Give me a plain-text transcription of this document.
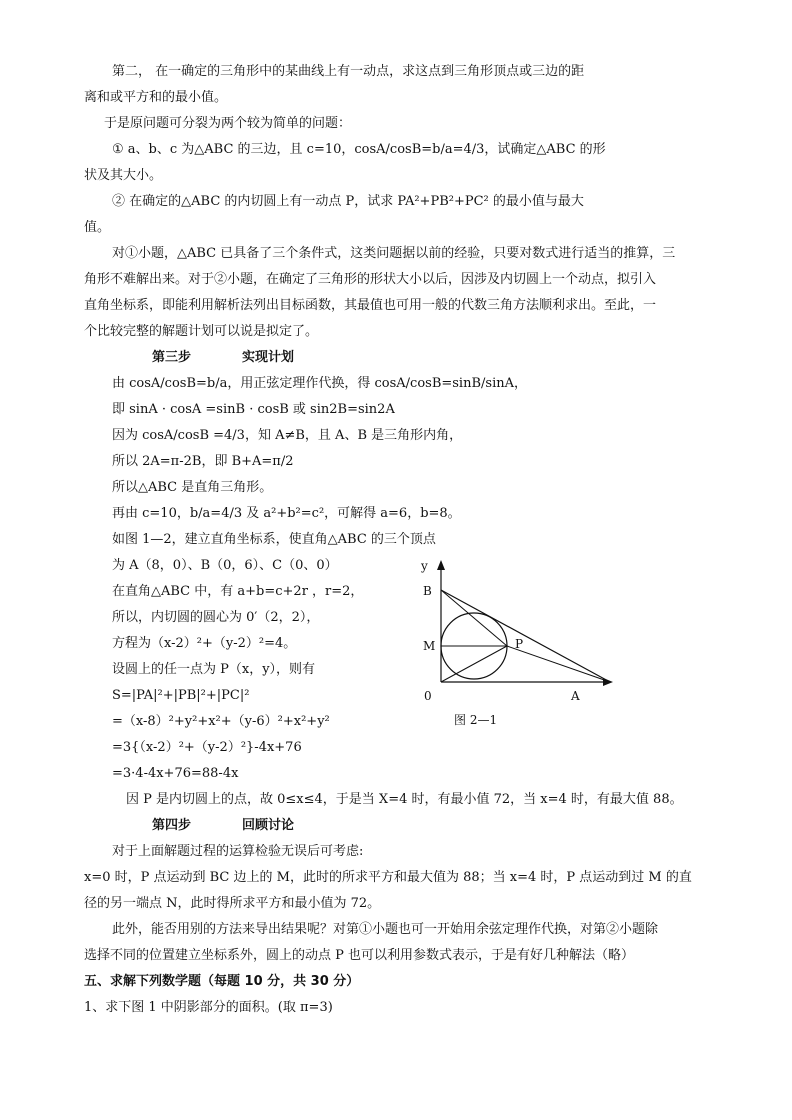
第二， 在一确定的三角形中的某曲线上有一动点，求这点到三角形顶点或三边的距
离和或平方和的最小值。
于是原问题可分裂为两个较为简单的问题：
① a、b、c 为△ABC 的三边，且 c=10，cosA/cosB=b/a=4/3，试确定△ABC 的形
状及其大小。
② 在确定的△ABC 的内切圆上有一动点 P，试求 PA²+PB²+PC² 的最小值与最大
值。
对①小题，△ABC 已具备了三个条件式，这类问题据以前的经验，只要对数式进行适当的推算，三
角形不难解出来。对于②小题，在确定了三角形的形状大小以后，因涉及内切圆上一个动点，拟引入
直角坐标系，即能利用解析法列出目标函数，其最值也可用一般的代数三角方法顺利求出。至此，一
个比较完整的解题计划可以说是拟定了。
第三步	实现计划
由 cosA/cosB=b/a，用正弦定理作代换，得 cosA/cosB=sinB/sinA，
即 sinA · cosA =sinB · cosB 或 sin2B=sin2A
因为 cosA/cosB =4/3，知 A≠B，且 A、B 是三角形内角，
所以 2A=π-2B，即 B+A=π/2
所以△ABC 是直角三角形。
再由 c=10，b/a=4/3 及 a²+b²=c²，可解得 a=6，b=8。
如图 1—2，建立直角坐标系，使直角△ABC 的三个顶点
为 A（8，0）、B（0，6）、C（0、0）
在直角△ABC 中，有 a+b=c+2r ，r=2，
所以，内切圆的圆心为 0′（2，2），
方程为（x-2）²+（y-2）²=4。
设圆上的任一点为 P（x，y），则有
S=|PA|²+|PB|²+|PC|²
=（x-8）²+y²+x²+（y-6）²+x²+y²
=3{（x-2）²+（y-2）²}-4x+76
=3·4-4x+76=88-4x
因 P 是内切圆上的点，故 0≤x≤4，于是当 X=4 时，有最小值 72，当 x=4 时，有最大值 88。
第四步	回顾讨论
对于上面解题过程的运算检验无误后可考虑:
x=0 时，P 点运动到 BC 边上的 M，此时的所求平方和最大值为 88；当 x=4 时，P 点运动到过 M 的直
径的另一端点 N，此时得所求平方和最小值为 72。
此外，能否用别的方法来导出结果呢？对第①小题也可一开始用余弦定理作代换，对第②小题除
选择不同的位置建立坐标系外，圆上的动点 P 也可以利用参数式表示，于是有好几种解法（略）
五、求解下列数学题（每题 10 分，共 30 分）
1、求下图 1 中阴影部分的面积。(取 π=3)
y
B
M	P
0	A
图 2—1
